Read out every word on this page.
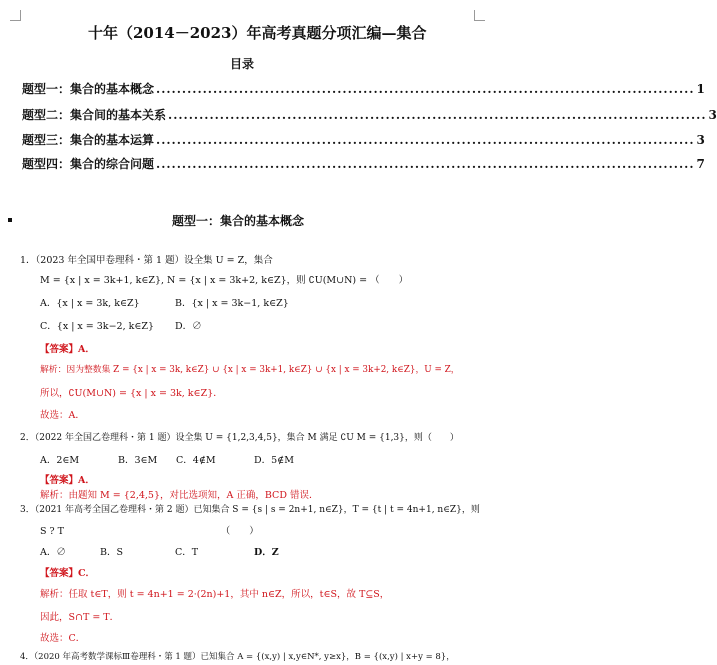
十年（2014－2023）年高考真题分项汇编—集合
目录
题型一：集合的基本概念 ........................................................................................................ 1
题型二：集合间的基本关系 ........................................................................................................ 3
题型三：集合的基本运算 ........................................................................................................ 3
题型四：集合的综合问题 ........................................................................................................ 7
题型一：集合的基本概念
1．（2023 年全国甲卷理科・第 1 题）设全集 U = Z，集合
M = {x | x = 3k+1, k∈Z}, N = {x | x = 3k+2, k∈Z}，则 ∁U(M∪N) = （　　）
A．{x | x = 3k, k∈Z}	B．{x | x = 3k−1, k∈Z}
C．{x | x = 3k−2, k∈Z} D．∅
【答案】A．
解析：因为整数集 Z = {x | x = 3k, k∈Z} ∪ {x | x = 3k+1, k∈Z} ∪ {x | x = 3k+2, k∈Z}，U = Z，
所以，∁U(M∪N) = {x | x = 3k, k∈Z}．
故选：A．
2．（2022 年全国乙卷理科・第 1 题）设全集 U = {1,2,3,4,5}，集合 M 满足 ∁U M = {1,3}，则（　　）
A．2∈M	B．3∈M C．4∉M	D．5∉M
【答案】A．
解析：由题知 M = {2,4,5}，对比选项知，A 正确，BCD 错误．
3．（2021 年高考全国乙卷理科・第 2 题）已知集合 S = {s | s = 2n+1, n∈Z}，T = {t | t = 4n+1, n∈Z}，则
S ? T　　　　　　　　　　　　　　　　　（　　）
A．∅	B．S	C．T	D．Z
【答案】C．
解析：任取 t∈T，则 t = 4n+1 = 2·(2n)+1，其中 n∈Z，所以，t∈S，故 T⊆S，
因此，S∩T = T．
故选：C．
4．（2020 年高考数学课标Ⅲ卷理科・第 1 题）已知集合 A = {(x,y) | x,y∈N*, y≥x}，B = {(x,y) | x+y = 8}，
